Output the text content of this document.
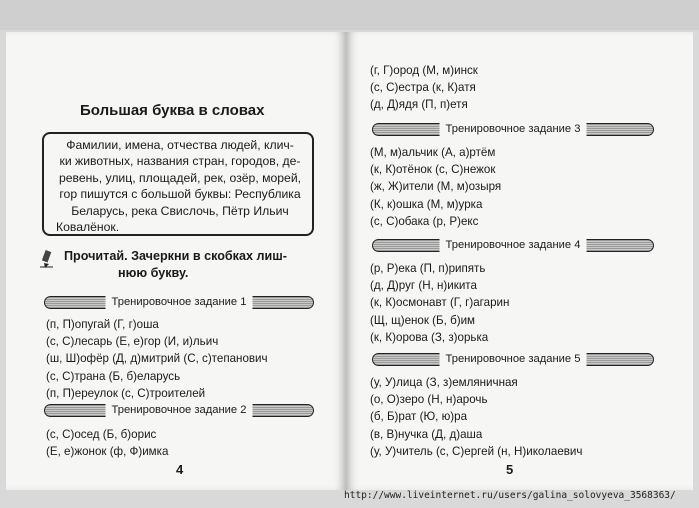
Большая буква в словах
Фамилии, имена, отчества людей, клич-
ки животных, названия стран, городов, де-
ревень, улиц, площадей, рек, озёр, морей,
гор пишутся с большой буквы: Республика
Беларусь, река Свислочь, Пётр Ильич
Ковалёнок.
Прочитай. Зачеркни в скобках лиш-
нюю букву.
Тренировочное задание 1
(п, П)опугай (Г, г)оша
(с, С)лесарь (Е, е)гор (И, и)льич
(ш, Ш)офёр (Д, д)митрий (С, с)тепанович
(с, С)трана (Б, б)еларусь
(п, П)ереулок (с, С)троителей
Тренировочное задание 2
(с, С)осед (Б, б)орис
(Е, е)жонок (ф, Ф)имка
4
(г, Г)ород (М, м)инск
(с, С)естра (к, К)атя
(д, Д)ядя (П, п)етя
Тренировочное задание 3
(М, м)альчик (А, а)ртём
(к, К)отёнок (с, С)нежок
(ж, Ж)ители (М, м)озыря
(К, к)ошка (М, м)урка
(с, С)обака (р, Р)екс
Тренировочное задание 4
(р, Р)ека (П, п)рипять
(д, Д)руг (Н, н)икита
(к, К)осмонавт (Г, г)агарин
(Щ, щ)енок (Б, б)им
(к, К)орова (З, з)орька
Тренировочное задание 5
(у, У)лица (З, з)емляничная
(о, О)зеро (Н, н)арочь
(б, Б)рат (Ю, ю)ра
(в, В)нучка (Д, д)аша
(у, У)читель (с, С)ергей (н, Н)иколаевич
5
http://www.liveinternet.ru/users/galina_solovyeva_3568363/
